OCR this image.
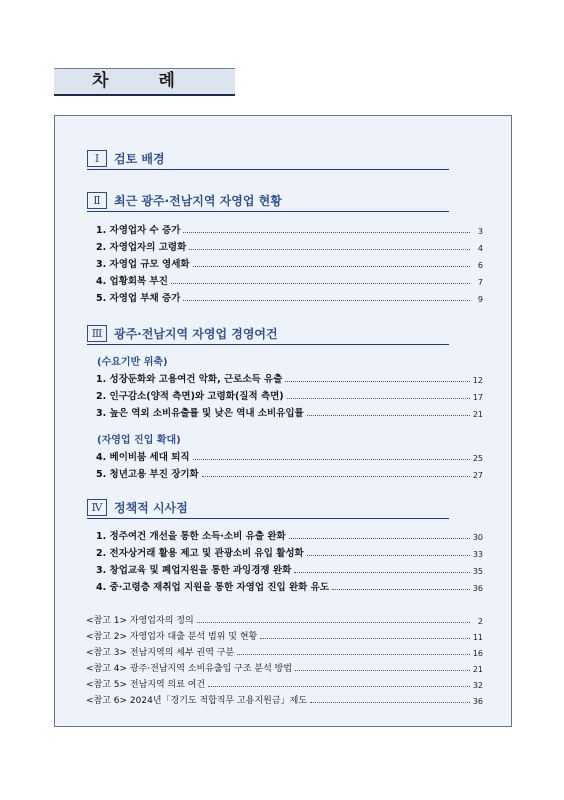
차 례
Ⅰ	검토 배경
Ⅱ	최근 광주·전남지역 자영업 현황
1. 자영업자 수 증가	3
2. 자영업자의 고령화	4
3. 자영업 규모 영세화	6
4. 업황회복 부진	7
5. 자영업 부채 증가	9
Ⅲ 광주·전남지역 자영업 경영여건
(수요기반 위축)
1. 성장둔화와 고용여건 악화, 근로소득 유출	12
2. 인구감소(양적 측면)와 고령화(질적 측면)	17
3. 높은 역외 소비유출률 및 낮은 역내 소비유입률	21
(자영업 진입 확대)
4. 베이비붐 세대 퇴직	25
5. 청년고용 부진 장기화	27
Ⅳ 정책적 시사점
1. 정주여건 개선을 통한 소득·소비 유출 완화	30
2. 전자상거래 활용 제고 및 관광소비 유입 활성화	33
3. 창업교육 및 폐업지원을 통한 과잉경쟁 완화	35
4. 중·고령층 재취업 지원을 통한 자영업 진입 완화 유도	36
<참고 1> 자영업자의 정의	2
<참고 2> 자영업자 대출 분석 범위 및 현황	11
<참고 3> 전남지역의 세부 권역 구분	16
<참고 4> 광주·전남지역 소비유출입 구조 분석 방법	21
<참고 5> 전남지역 의료 여건	32
<참고 6> 2024년「경기도 적합직무 고용지원금」제도	36
